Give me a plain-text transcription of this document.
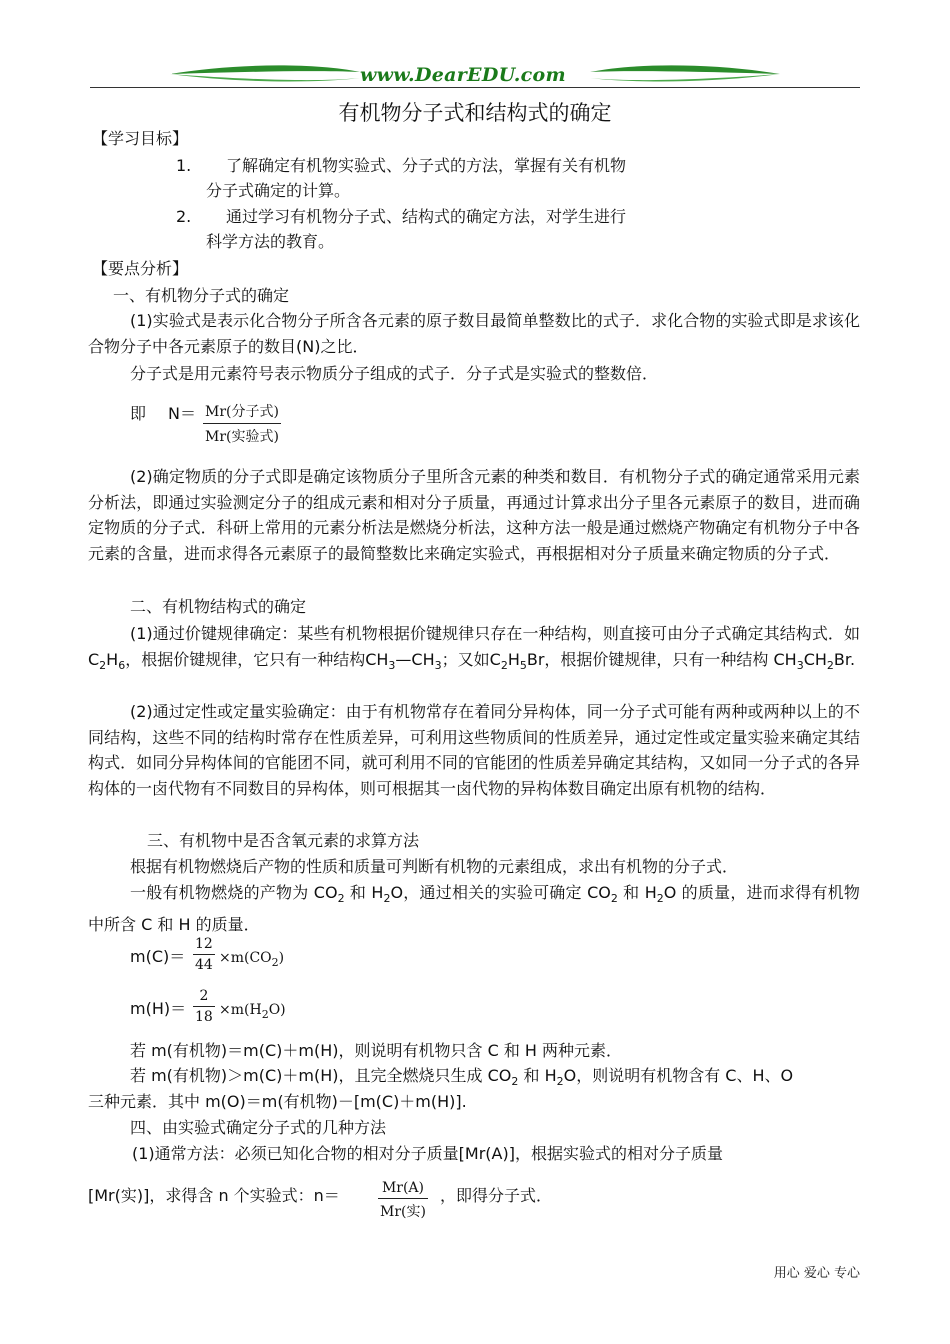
www.DearEDU.com
有机物分子式和结构式的确定
【学习目标】
1. 了解确定有机物实验式、分子式的方法，掌握有关有机物
分子式确定的计算。
2. 通过学习有机物分子式、结构式的确定方法，对学生进行
科学方法的教育。
【要点分析】
一、有机物分子式的确定
(1)实验式是表示化合物分子所含各元素的原子数目最简单整数比的式子．求化合物的实验式即是求该化合物分子中各元素原子的数目(N)之比．
分子式是用元素符号表示物质分子组成的式子．分子式是实验式的整数倍．
即 N＝ Mr(分子式)
Mr(实验式)
(2)确定物质的分子式即是确定该物质分子里所含元素的种类和数目．有机物分子式的确定通常采用元素分析法，即通过实验测定分子的组成元素和相对分子质量，再通过计算求出分子里各元素原子的数目，进而确定物质的分子式．科研上常用的元素分析法是燃烧分析法，这种方法一般是通过燃烧产物确定有机物分子中各元素的含量，进而求得各元素原子的最简整数比来确定实验式，再根据相对分子质量来确定物质的分子式．
二、有机物结构式的确定
(1)通过价键规律确定：某些有机物根据价键规律只存在一种结构，则直接可由分子式确定其结构式．如$C_2H_6$，根据价键规律，它只有一种结构$CH_3—CH_3$；又如$C_2H_5Br$，根据价键规律，只有一种结构 $CH_3CH_2Br$.
(2)通过定性或定量实验确定：由于有机物常存在着同分异构体，同一分子式可能有两种或两种以上的不同结构，这些不同的结构时常存在性质差异，可利用这些物质间的性质差异，通过定性或定量实验来确定其结构式．如同分异构体间的官能团不同，就可利用不同的官能团的性质差异确定其结构，又如同一分子式的各异构体的一卤代物有不同数目的异构体，则可根据其一卤代物的异构体数目确定出原有机物的结构．
三、有机物中是否含氧元素的求算方法
根据有机物燃烧后产物的性质和质量可判断有机物的元素组成，求出有机物的分子式．
一般有机物燃烧的产物为 $CO_2$ 和 $H_2O$，通过相关的实验可确定 $CO_2$ 和 $H_2O$ 的质量，进而求得有机物中所含 C 和 H 的质量．
m(C)＝
12
$44 \times m(CO_2)$
m(H)＝
2
$18 \times m(H_2O)$
若 m(有机物)＝m(C)＋m(H)，则说明有机物只含 C 和 H 两种元素．
若 m(有机物)＞m(C)＋m(H)，且完全燃烧只生成 $CO_2$ 和 $H_2O$，则说明有机物含有 C、H、O
三种元素．其中 m(O)＝m(有机物)－[m(C)＋m(H)].
四、由实验式确定分子式的几种方法
(1)通常方法：必须已知化合物的相对分子质量[Mr(A)]，根据实验式的相对分子质量
[Mr(实)]，求得含 n 个实验式：n＝	Mr(A)
Mr(实)
，即得分子式．
用心 爱心 专心
